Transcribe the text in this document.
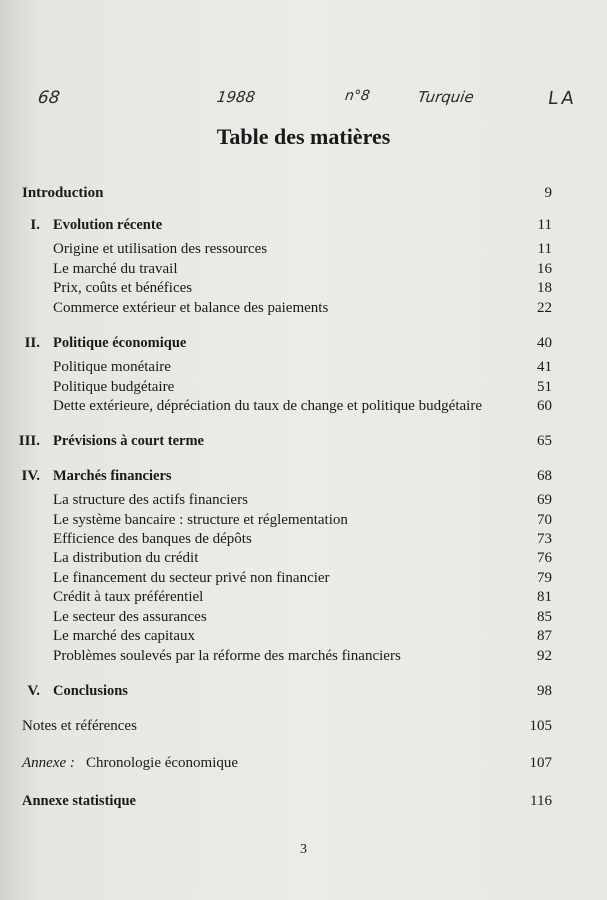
68	1988	n°8	Turquie	LA
Table des matières
Introduction	9
I. Evolution récente	11
Origine et utilisation des ressources	11
Le marché du travail	16
Prix, coûts et bénéfices	18
Commerce extérieur et balance des paiements	22
II. Politique économique	40
Politique monétaire	41
Politique budgétaire	51
Dette extérieure, dépréciation du taux de change et politique budgétaire	60
III. Prévisions à court terme	65
IV. Marchés financiers	68
La structure des actifs financiers	69
Le système bancaire : structure et réglementation	70
Efficience des banques de dépôts	73
La distribution du crédit	76
Le financement du secteur privé non financier	79
Crédit à taux préférentiel	81
Le secteur des assurances	85
Le marché des capitaux	87
Problèmes soulevés par la réforme des marchés financiers	92
V. Conclusions	98
Notes et références	105
Annexe : Chronologie économique	107
Annexe statistique	116
3
